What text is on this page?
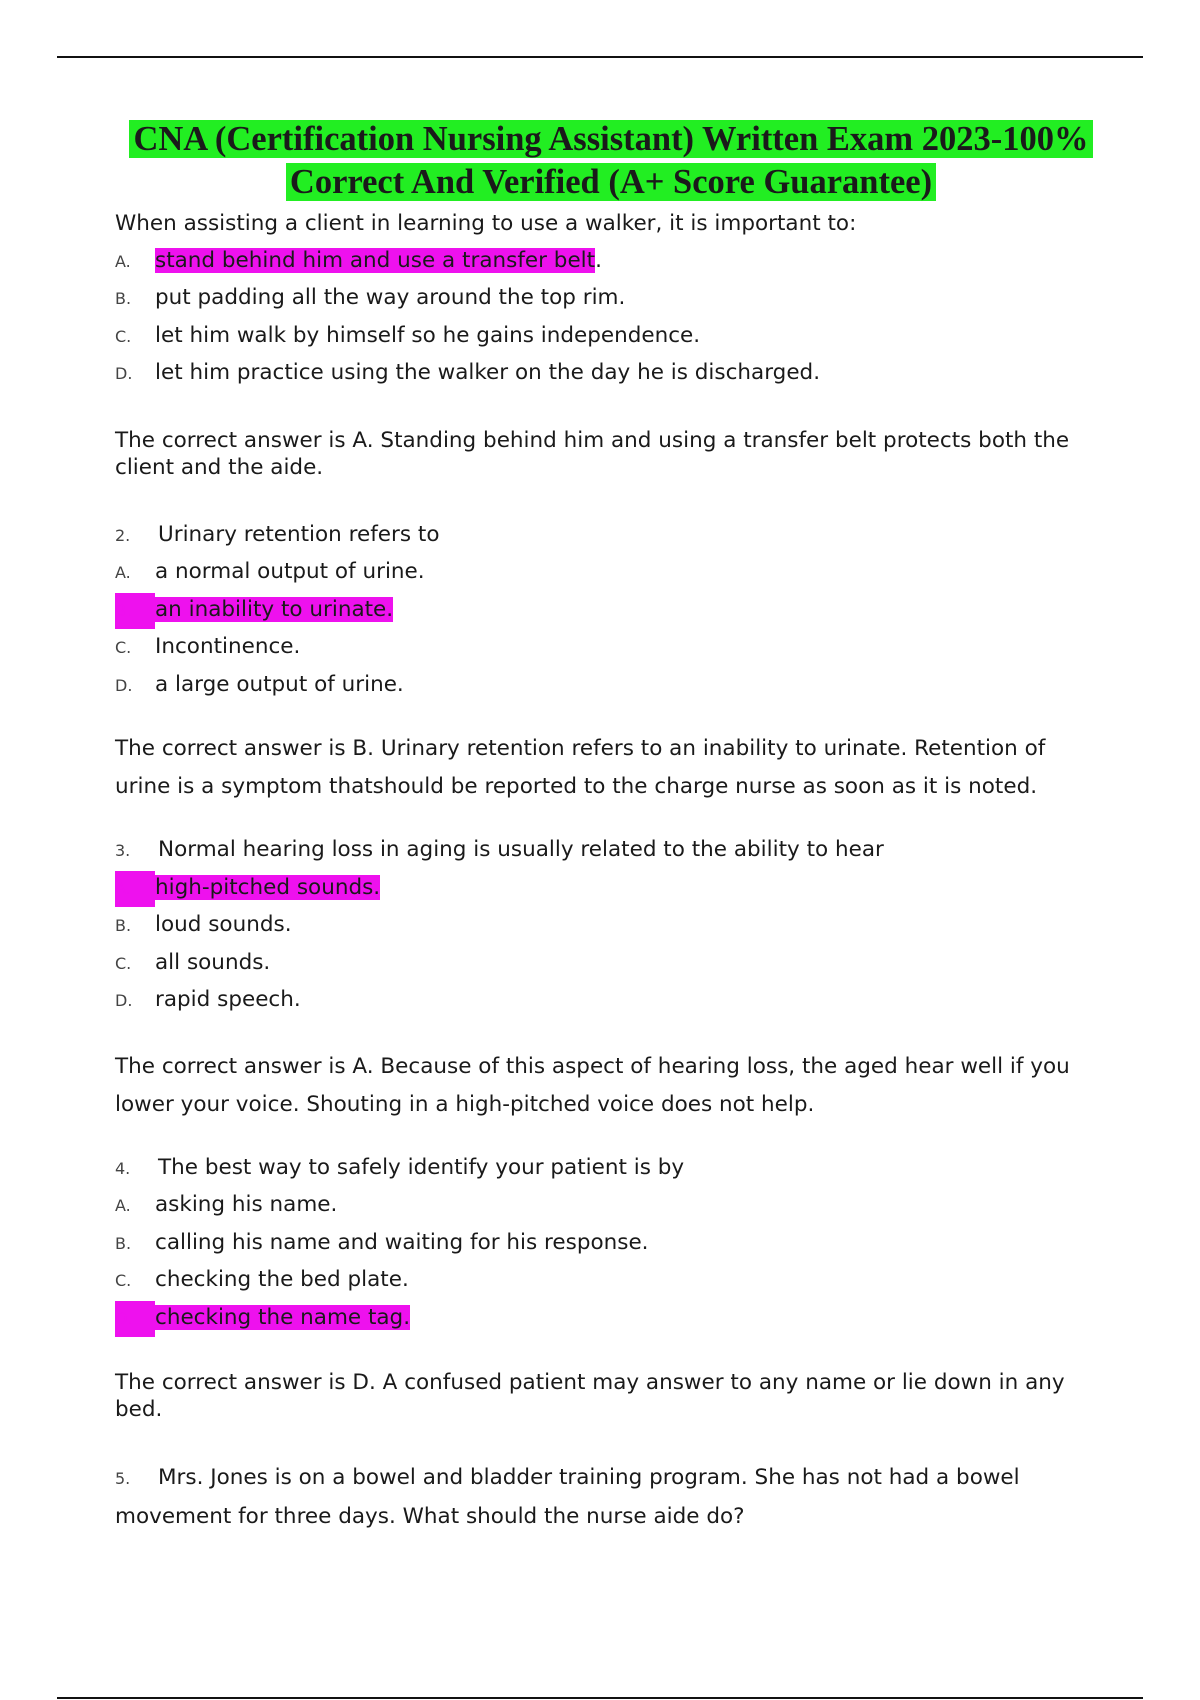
CNA (Certification Nursing Assistant) Written Exam 2023-100%
Correct And Verified (A+ Score Guarantee)
When assisting a client in learning to use a walker, it is important to:
A. stand behind him and use a transfer belt.
B. put padding all the way around the top rim.
C. let him walk by himself so he gains independence.
D. let him practice using the walker on the day he is discharged.
The correct answer is A. Standing behind him and using a transfer belt protects both the client and the aide.
2. Urinary retention refers to
A. a normal output of urine.
B. an inability to urinate.
C. Incontinence.
D. a large output of urine.
The correct answer is B. Urinary retention refers to an inability to urinate. Retention of urine is a symptom thatshould be reported to the charge nurse as soon as it is noted.
3. Normal hearing loss in aging is usually related to the ability to hear
A. high-pitched sounds.
B. loud sounds.
C. all sounds.
D. rapid speech.
The correct answer is A. Because of this aspect of hearing loss, the aged hear well if you lower your voice. Shouting in a high-pitched voice does not help.
4. The best way to safely identify your patient is by
A. asking his name.
B. calling his name and waiting for his response.
C. checking the bed plate.
D. checking the name tag.
The correct answer is D. A confused patient may answer to any name or lie down in any bed.
5. Mrs. Jones is on a bowel and bladder training program. She has not had a bowel movement for three days. What should the nurse aide do?
